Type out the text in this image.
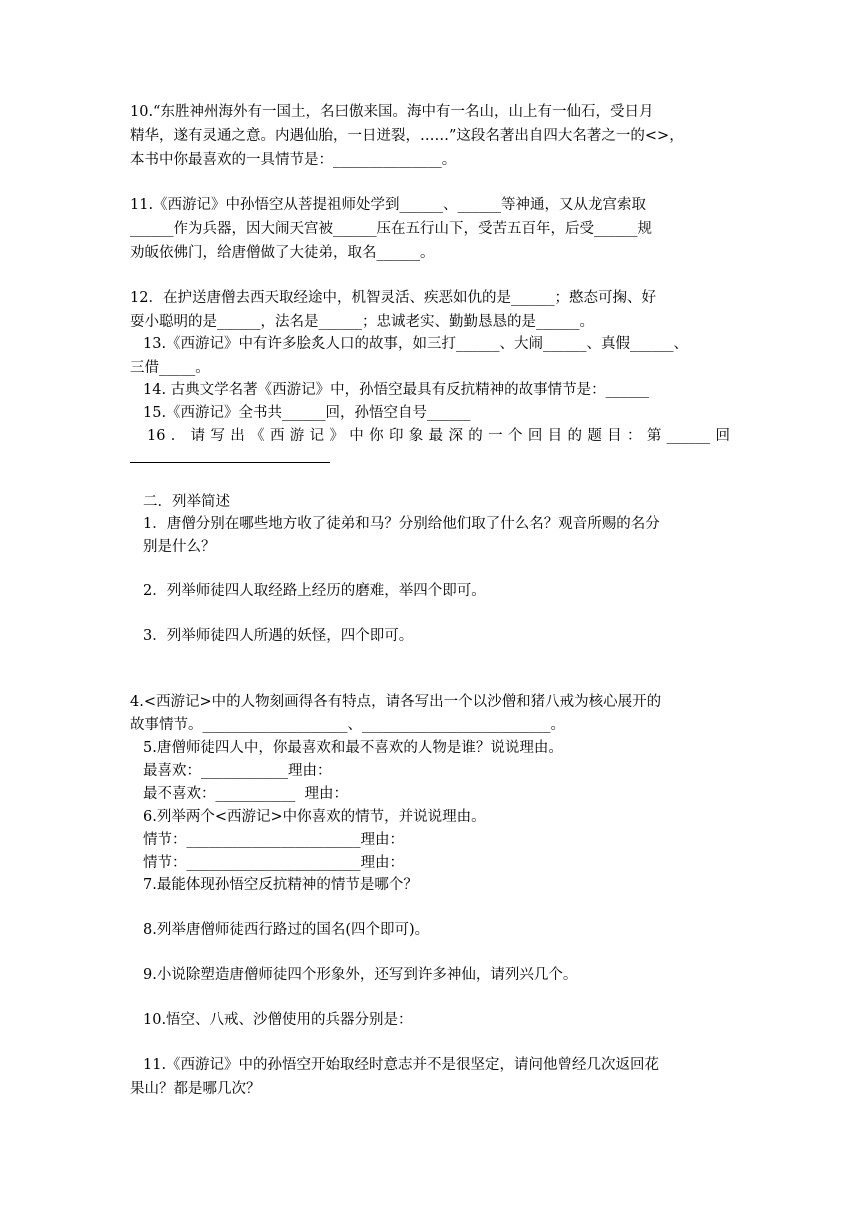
10.“东胜神州海外有一国土，名曰傲来国。海中有一名山，山上有一仙石，受日月
精华，遂有灵通之意。内遇仙胎，一日迸裂，……”这段名著出自四大名著之一的<>，
本书中你最喜欢的一具情节是：_______________。
11.《西游记》中孙悟空从菩提祖师处学到______、______等神通，又从龙宫索取
______作为兵器，因大闹天宫被______压在五行山下，受苦五百年，后受______规
劝皈依佛门，给唐僧做了大徒弟，取名______。
12．在护送唐僧去西天取经途中，机智灵活、疾恶如仇的是______；憨态可掬、好
耍小聪明的是______，法名是______；忠诚老实、勤勤恳恳的是______。
13.《西游记》中有许多脍炙人口的故事，如三打______、大闹______、真假______、
三借_____。
14. 古典文学名著《西游记》中，孙悟空最具有反抗精神的故事情节是：______
15.《西游记》全书共______回，孙悟空自号______
16．请写出《西游记》中你印象最深的一个回目的题目：第______回
二．列举简述
1．唐僧分别在哪些地方收了徒弟和马？分别给他们取了什么名？观音所赐的名分
别是什么？
2．列举师徒四人取经路上经历的磨难，举四个即可。
3．列举师徒四人所遇的妖怪，四个即可。
4.<西游记>中的人物刻画得各有特点，请各写出一个以沙僧和猪八戒为核心展开的
故事情节。____________________、__________________________。
5.唐僧师徒四人中，你最喜欢和最不喜欢的人物是谁？说说理由。
最喜欢：____________理由：
最不喜欢：___________  理由：
6.列举两个<西游记>中你喜欢的情节，并说说理由。
情节：________________________理由：
情节：________________________理由：
7.最能体现孙悟空反抗精神的情节是哪个？
8.列举唐僧师徒西行路过的国名(四个即可)。
9.小说除塑造唐僧师徒四个形象外，还写到许多神仙，请列兴几个。
10.悟空、八戒、沙僧使用的兵器分别是：
11.《西游记》中的孙悟空开始取经时意志并不是很坚定，请问他曾经几次返回花
果山？都是哪几次？
